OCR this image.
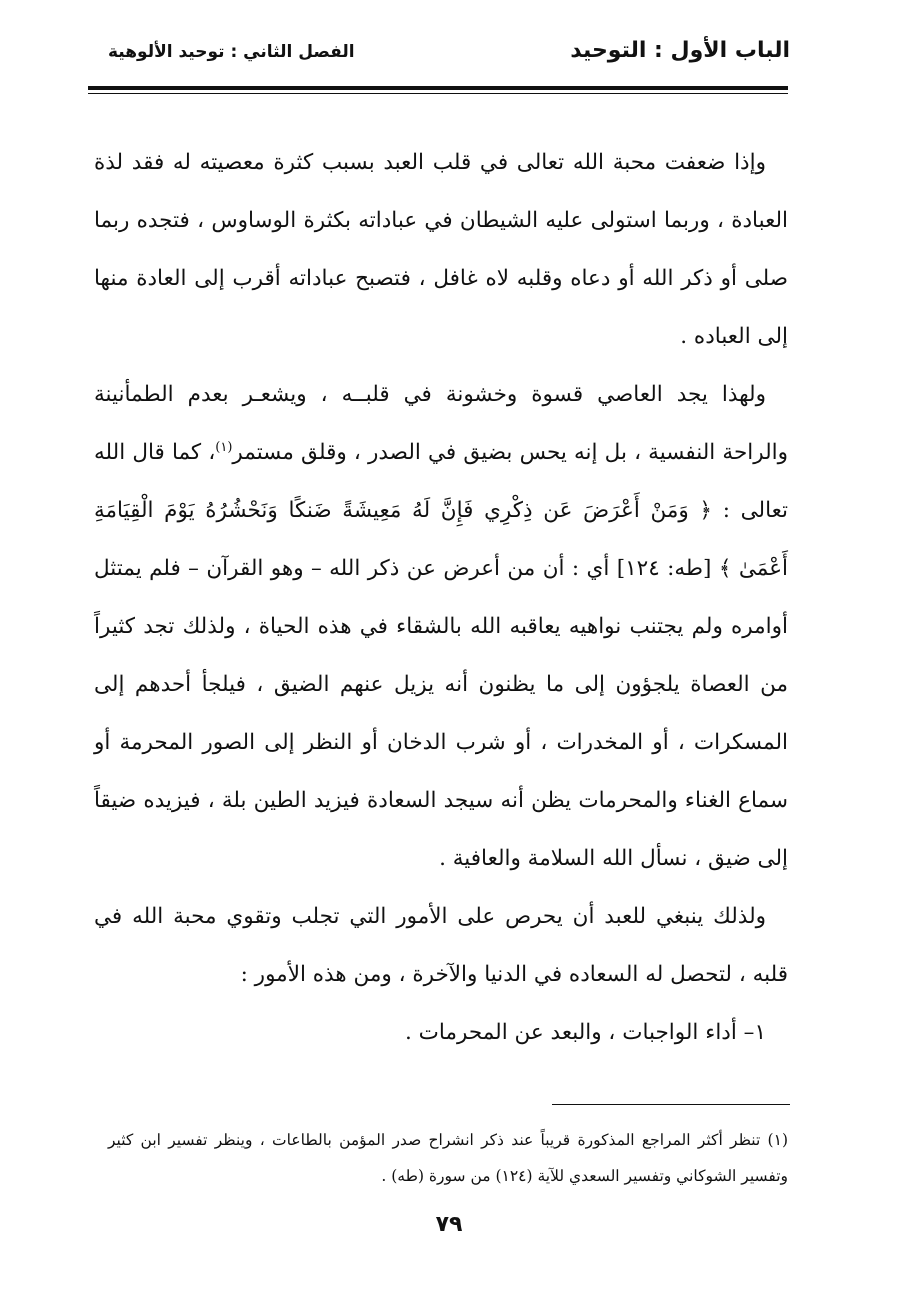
الباب الأول : التوحيد
الفصل الثاني : توحيد الألوهية

وإذا ضعفت محبة الله تعالى في قلب العبد بسبب كثرة معصيته له فقد لذة العبادة ، وربما استولى عليه الشيطان في عباداته بكثرة الوساوس ، فتجده ربما صلى أو ذكر الله أو دعاه وقلبه لاه غافل ، فتصبح عباداته أقرب إلى العادة منها إلى العباده .

ولهذا يجد العاصي قسوة وخشونة في قلبــه ، ويشعـر بعدم الطمأنينة والراحة النفسية ، بل إنه يحس بضيق في الصدر ، وقلق مستمر$^{(١)}$، كما قال الله تعالى : ﴿ وَمَنْ أَعْرَضَ عَن ذِكْرِي فَإِنَّ لَهُ مَعِيشَةً ضَنكًا وَنَحْشُرُهُ يَوْمَ الْقِيَامَةِ أَعْمَىٰ ﴾ [طه: ١٢٤] أي : أن من أعرض عن ذكر الله – وهو القرآن – فلم يمتثل أوامره ولم يجتنب نواهيه يعاقبه الله بالشقاء في هذه الحياة ، ولذلك تجد كثيراً من العصاة يلجؤون إلى ما يظنون أنه يزيل عنهم الضيق ، فيلجأ أحدهم إلى المسكرات ، أو المخدرات ، أو شرب الدخان أو النظر إلى الصور المحرمة أو سماع الغناء والمحرمات يظن أنه سيجد السعادة فيزيد الطين بلة ، فيزيده ضيقاً إلى ضيق ، نسأل الله السلامة والعافية .

ولذلك ينبغي للعبد أن يحرص على الأمور التي تجلب وتقوي محبة الله في قلبه ، لتحصل له السعاده في الدنيا والآخرة ، ومن هذه الأمور :

١– أداء الواجبات ، والبعد عن المحرمات .

(١) تنظر أكثر المراجع المذكورة قريباً عند ذكر انشراح صدر المؤمن بالطاعات ، وينظر تفسير ابن كثير وتفسير الشوكاني وتفسير السعدي للآية (١٢٤) من سورة (طه) .

٧٩
